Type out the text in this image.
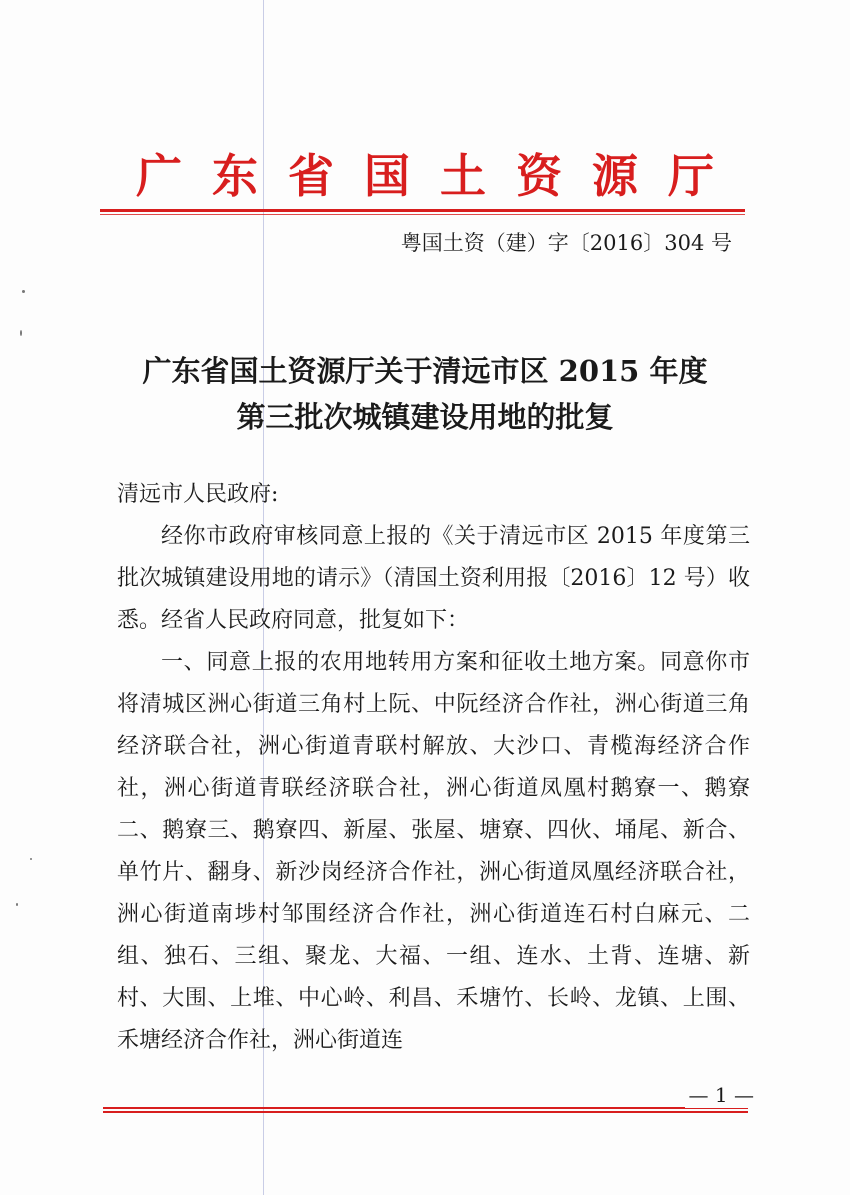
广东省国土资源厅
粤国土资（建）字〔2016〕304 号
广东省国土资源厅关于清远市区 2015 年度
第三批次城镇建设用地的批复

清远市人民政府:

经你市政府审核同意上报的《关于清远市区 2015 年度第三批次城镇建设用地的请示》（清国土资利用报〔2016〕12 号）收悉。经省人民政府同意，批复如下：

一、同意上报的农用地转用方案和征收土地方案。同意你市将清城区洲心街道三角村上阮、中阮经济合作社，洲心街道三角经济联合社，洲心街道青联村解放、大沙口、青榄海经济合作社，洲心街道青联经济联合社，洲心街道凤凰村鹅寮一、鹅寮二、鹅寮三、鹅寮四、新屋、张屋、塘寮、四伙、埇尾、新合、单竹片、翻身、新沙岗经济合作社，洲心街道凤凰经济联合社，洲心街道南埗村邹围经济合作社，洲心街道连石村白麻元、二组、独石、三组、聚龙、大福、一组、连水、土背、连塘、新村、大围、上堆、中心岭、利昌、禾塘竹、长岭、龙镇、上围、禾塘经济合作社，洲心街道连

— 1 —
